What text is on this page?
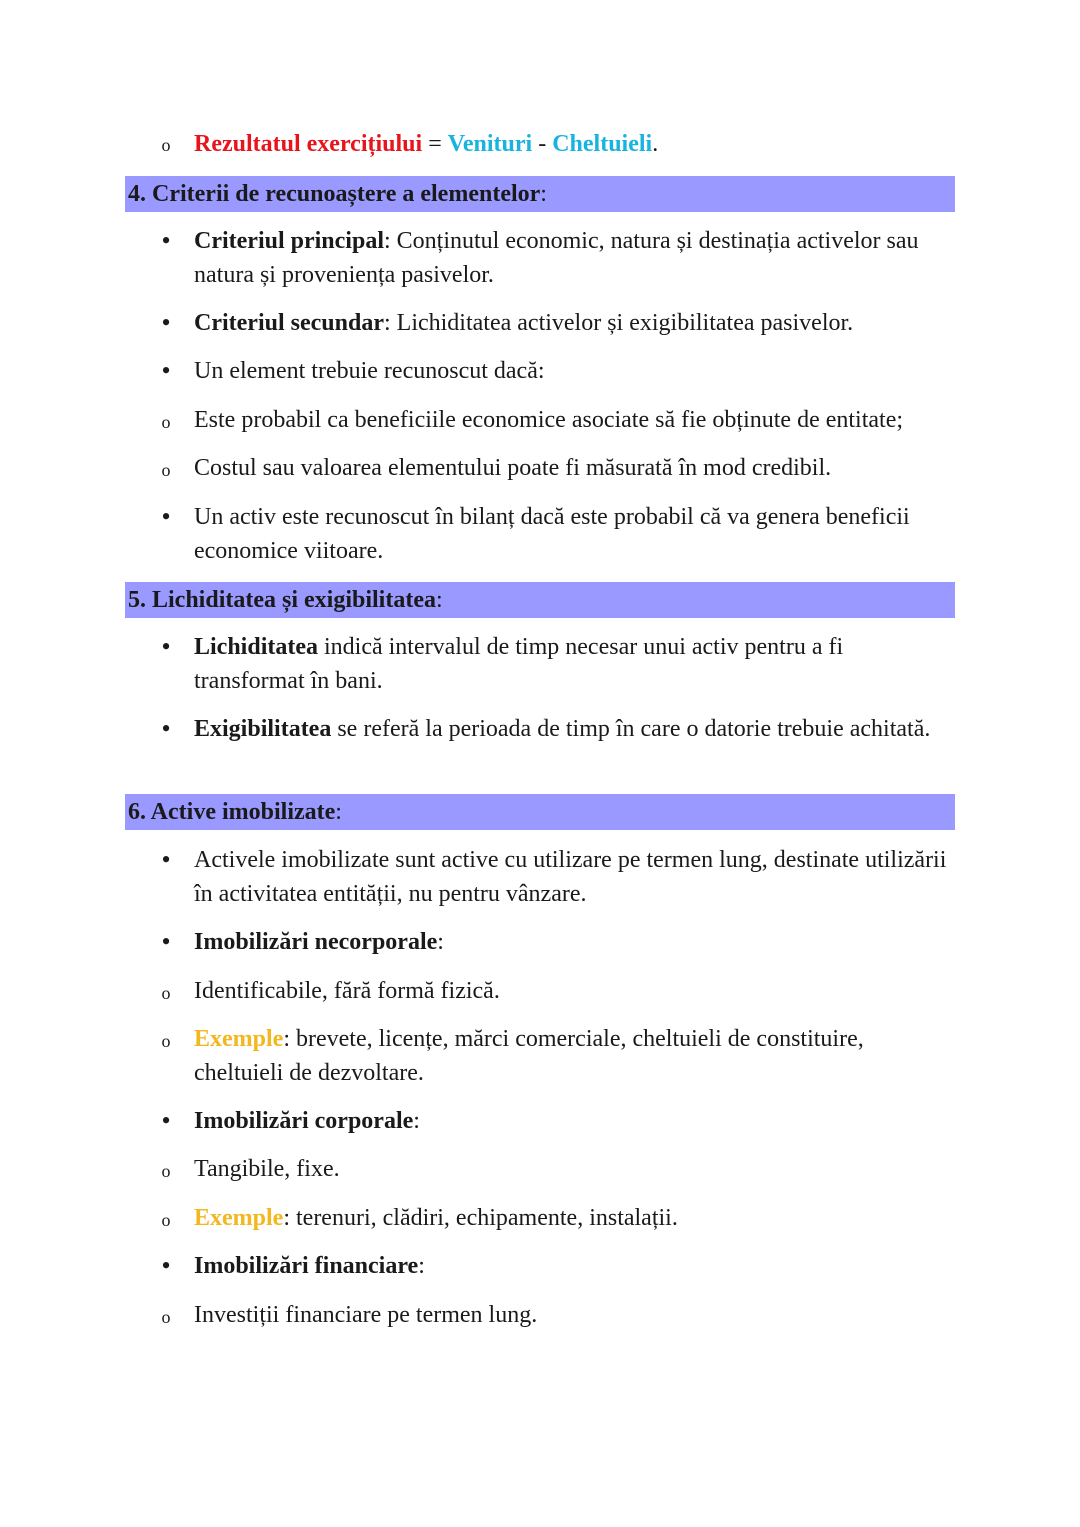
o Rezultatul exercițiului = Venituri - Cheltuieli.
4. Criterii de recunoaștere a elementelor:
• Criteriul principal: Conținutul economic, natura și destinația activelor sau natura și proveniența pasivelor.
• Criteriul secundar: Lichiditatea activelor și exigibilitatea pasivelor.
• Un element trebuie recunoscut dacă:
o Este probabil ca beneficiile economice asociate să fie obținute de entitate;
o Costul sau valoarea elementului poate fi măsurată în mod credibil.
• Un activ este recunoscut în bilanț dacă este probabil că va genera beneficii economice viitoare.
5. Lichiditatea și exigibilitatea:
• Lichiditatea indică intervalul de timp necesar unui activ pentru a fi transformat în bani.
• Exigibilitatea se referă la perioada de timp în care o datorie trebuie achitată.
6. Active imobilizate:
• Activele imobilizate sunt active cu utilizare pe termen lung, destinate utilizării în activitatea entității, nu pentru vânzare.
• Imobilizări necorporale:
o Identificabile, fără formă fizică.
o Exemple: brevete, licențe, mărci comerciale, cheltuieli de constituire, cheltuieli de dezvoltare.
• Imobilizări corporale:
o Tangibile, fixe.
o Exemple: terenuri, clădiri, echipamente, instalații.
• Imobilizări financiare:
o Investiții financiare pe termen lung.
